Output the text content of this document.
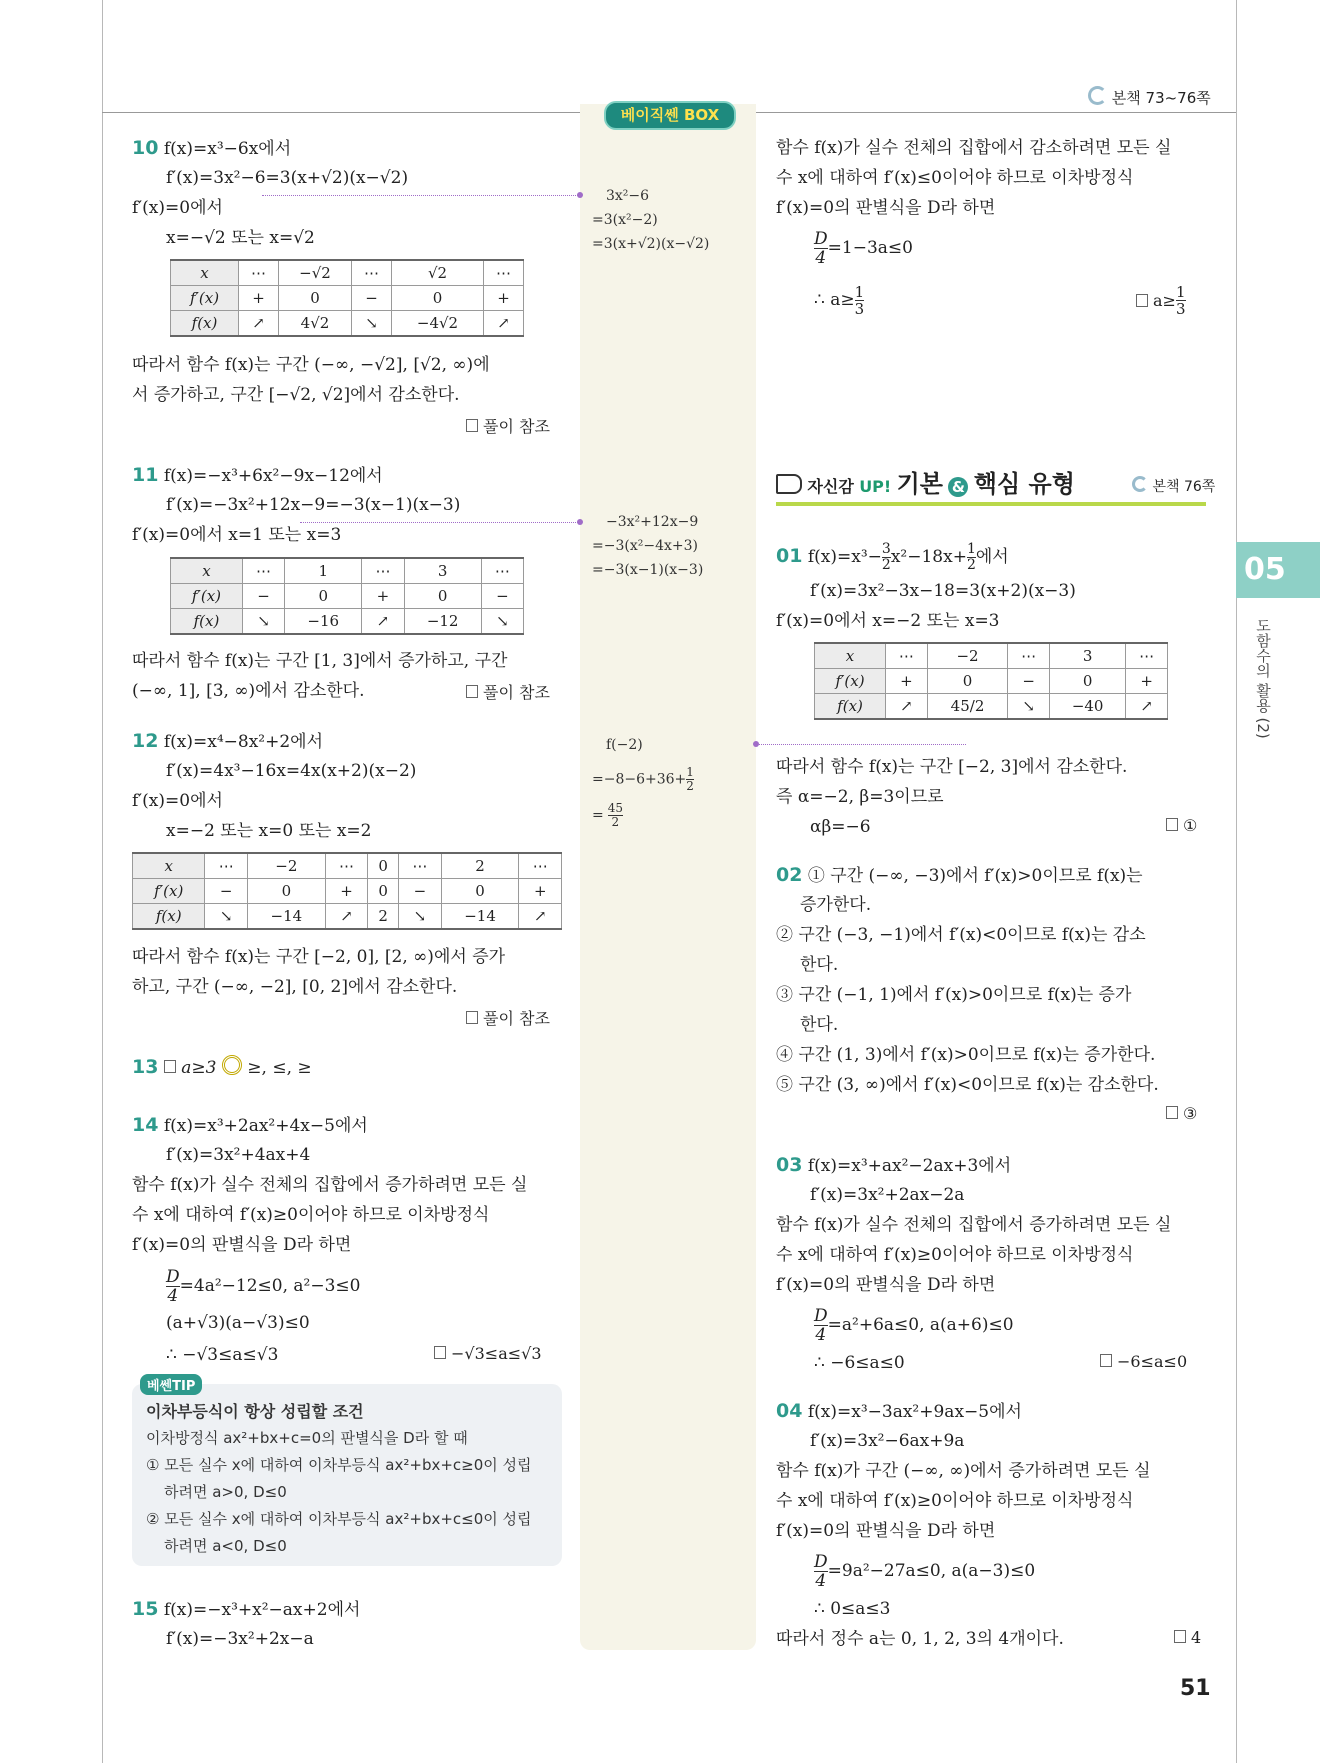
본책 73~76쪽
베이직쎈 BOX
05
도함수의 활용 (2)
10 f(x)=x³−6x에서
f′(x)=3x²−6=3(x+√2)(x−√2)
f′(x)=0에서
x=−√2 또는 x=√2
x	⋯	−√2	⋯	√2	⋯
f′(x)	+	0	−	0	+
f(x)	↗	4√2	↘	−4√2	↗
따라서 함수 f(x)는 구간 (−∞, −√2], [√2, ∞)에
서 증가하고, 구간 [−√2, √2]에서 감소한다.
풀이 참조
3x²−6
=3(x²−2)
=3(x+√2)(x−√2)
11 f(x)=−x³+6x²−9x−12에서
f′(x)=−3x²+12x−9=−3(x−1)(x−3)
f′(x)=0에서 x=1 또는 x=3
x	⋯	1	⋯	3	⋯
f′(x)	−	0	+	0	−
f(x)	↘	−16	↗	−12	↘
따라서 함수 f(x)는 구간 [1, 3]에서 증가하고, 구간
(−∞, 1], [3, ∞)에서 감소한다.	풀이 참조
−3x²+12x−9
=−3(x²−4x+3)
=−3(x−1)(x−3)
12 f(x)=x⁴−8x²+2에서
f′(x)=4x³−16x=4x(x+2)(x−2)
f′(x)=0에서
x=−2 또는 x=0 또는 x=2
x	⋯	−2	⋯	0	⋯	2	⋯
f′(x)	−	0	+	0	−	0	+
f(x)	↘	−14	↗	2	↘	−14	↗
따라서 함수 f(x)는 구간 [−2, 0], [2, ∞)에서 증가
하고, 구간 (−∞, −2], [0, 2]에서 감소한다.
풀이 참조
f(−2)
$=-8-6+36+ \frac{1}{2}$
= $\frac{45}{2}$
13 a≥3 ≥, ≤, ≥
14 f(x)=x³+2ax²+4x−5에서
f′(x)=3x²+4ax+4
함수 f(x)가 실수 전체의 집합에서 증가하려면 모든 실
수 x에 대하여 f′(x)≥0이어야 하므로 이차방정식
f′(x)=0의 판별식을 D라 하면
$\frac{D}{4} =4a^2-12\le 0$, a²−3≤0
(a+√3)(a−√3)≤0
∴ −√3≤a≤√3	−√3≤a≤√3
베쎈TIP
이차부등식이 항상 성립할 조건
이차방정식 ax²+bx+c=0의 판별식을 D라 할 때
① 모든 실수 x에 대하여 이차부등식 ax²+bx+c≥0이 성립
하려면 a>0, D≤0
② 모든 실수 x에 대하여 이차부등식 ax²+bx+c≤0이 성립
하려면 a<0, D≤0
15 f(x)=−x³+x²−ax+2에서
f′(x)=−3x²+2x−a
함수 f(x)가 실수 전체의 집합에서 감소하려면 모든 실
수 x에 대하여 f′(x)≤0이어야 하므로 이차방정식
f′(x)=0의 판별식을 D라 하면
$\frac{D}{4} =1-3a\le 0$
∴ $a\ge \frac{1}{3}$	$a\ge \frac{1}{3}$
자신감 UP! 기본 & 핵심 유형	본책 76쪽
01 $f(x)=x^3- \frac{3}{2} x^2-18x+ \frac{1}{2}$ 에서
f′(x)=3x²−3x−18=3(x+2)(x−3)
f′(x)=0에서 x=−2 또는 x=3
x	⋯	−2	⋯	3	⋯
f′(x)	+	0	−	0	+
f(x)	↗	45/2	↘	−40	↗
따라서 함수 f(x)는 구간 [−2, 3]에서 감소한다.
즉 α=−2, β=3이므로
αβ=−6	①
02 ① 구간 (−∞, −3)에서 f′(x)>0이므로 f(x)는
증가한다.
② 구간 (−3, −1)에서 f′(x)<0이므로 f(x)는 감소
한다.
③ 구간 (−1, 1)에서 f′(x)>0이므로 f(x)는 증가
한다.
④ 구간 (1, 3)에서 f′(x)>0이므로 f(x)는 증가한다.
⑤ 구간 (3, ∞)에서 f′(x)<0이므로 f(x)는 감소한다.
③
03 f(x)=x³+ax²−2ax+3에서
f′(x)=3x²+2ax−2a
함수 f(x)가 실수 전체의 집합에서 증가하려면 모든 실
수 x에 대하여 f′(x)≥0이어야 하므로 이차방정식
f′(x)=0의 판별식을 D라 하면
$\frac{D}{4} =a^2+6a\le 0$, a(a+6)≤0
∴ −6≤a≤0	−6≤a≤0
04 f(x)=x³−3ax²+9ax−5에서
f′(x)=3x²−6ax+9a
함수 f(x)가 구간 (−∞, ∞)에서 증가하려면 모든 실
수 x에 대하여 f′(x)≥0이어야 하므로 이차방정식
f′(x)=0의 판별식을 D라 하면
$\frac{D}{4} =9a^2-27a\le 0$, a(a−3)≤0
∴ 0≤a≤3
따라서 정수 a는 0, 1, 2, 3의 4개이다.	4
51
